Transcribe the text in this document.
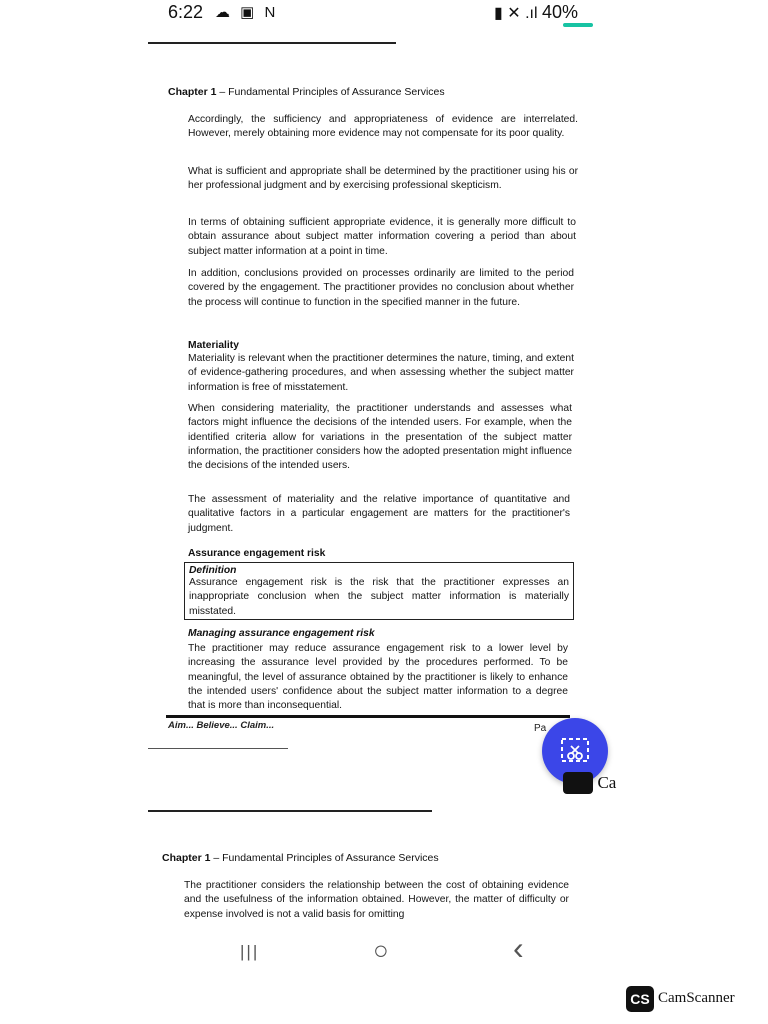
6:22 ☁ ▣ N	▮ ✕ .ıl 40%
Chapter 1 – Fundamental Principles of Assurance Services
Accordingly, the sufficiency and appropriateness of evidence are interrelated. However, merely obtaining more evidence may not compensate for its poor quality.
What is sufficient and appropriate shall be determined by the practitioner using his or her professional judgment and by exercising professional skepticism.
In terms of obtaining sufficient appropriate evidence, it is generally more difficult to obtain assurance about subject matter information covering a period than about subject matter information at a point in time.
In addition, conclusions provided on processes ordinarily are limited to the period covered by the engagement. The practitioner provides no conclusion about whether the process will continue to function in the specified manner in the future.
Materiality
Materiality is relevant when the practitioner determines the nature, timing, and extent of evidence-gathering procedures, and when assessing whether the subject matter information is free of misstatement.
When considering materiality, the practitioner understands and assesses what factors might influence the decisions of the intended users. For example, when the identified criteria allow for variations in the presentation of the subject matter information, the practitioner considers how the adopted presentation might influence the decisions of the intended users.
The assessment of materiality and the relative importance of quantitative and qualitative factors in a particular engagement are matters for the practitioner's judgment.
Assurance engagement risk
Definition
Assurance engagement risk is the risk that the practitioner expresses an inappropriate conclusion when the subject matter information is materially misstated.
Managing assurance engagement risk
The practitioner may reduce assurance engagement risk to a lower level by increasing the assurance level provided by the procedures performed. To be meaningful, the level of assurance obtained by the practitioner is likely to enhance the intended users' confidence about the subject matter information to a degree that is more than inconsequential.
Aim... Believe... Claim...	Pa
Ca
Chapter 1 – Fundamental Principles of Assurance Services
The practitioner considers the relationship between the cost of obtaining evidence and the usefulness of the information obtained. However, the matter of difficulty or expense involved is not a valid basis for omitting
|||	○	‹
CS CamScanner
